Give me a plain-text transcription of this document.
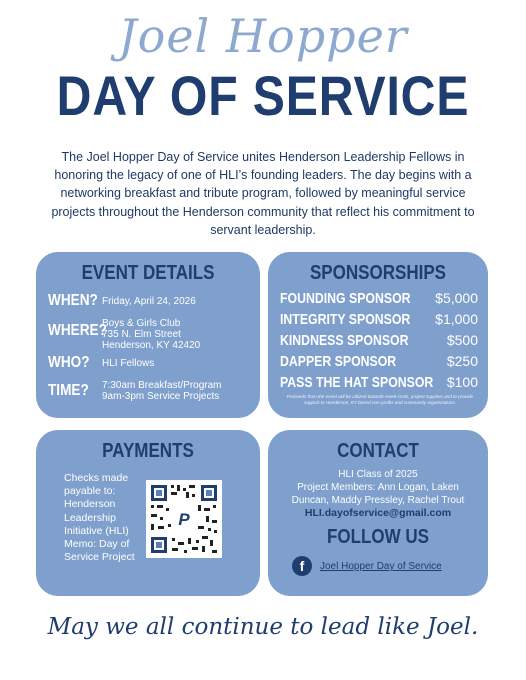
Joel Hopper
DAY OF SERVICE
The Joel Hopper Day of Service unites Henderson Leadership Fellows in honoring the legacy of one of HLI’s founding leaders. The day begins with a networking breakfast and tribute program, followed by meaningful service projects throughout the Henderson community that reflect his commitment to servant leadership.
EVENT DETAILS
WHEN? Friday, April 24, 2026
WHERE?
Boys & Girls Club
735 N. Elm Street
Henderson, KY 42420
WHO? HLI Fellows
TIME? 7:30am Breakfast/Program
9am-3pm Service Projects
SPONSORSHIPS
FOUNDING SPONSOR $5,000
INTEGRITY SPONSOR $1,000
KINDNESS SPONSOR	$500
DAPPER SPONSOR	$250
PASS THE HAT SPONSOR $100
Proceeds from the event will be utilized towards event costs, project supplies and to provide support to Henderson, KY based non-profits and community organizations.
PAYMENTS
Checks made payable to: Henderson Leadership Initiative (HLI) Memo: Day of Service Project
P
CONTACT
HLI Class of 2025
Project Members: Ann Logan, Laken
Duncan, Maddy Pressley, Rachel Trout
HLI.dayofservice@gmail.com
FOLLOW US
f	Joel Hopper Day of Service
May we all continue to lead like Joel.
